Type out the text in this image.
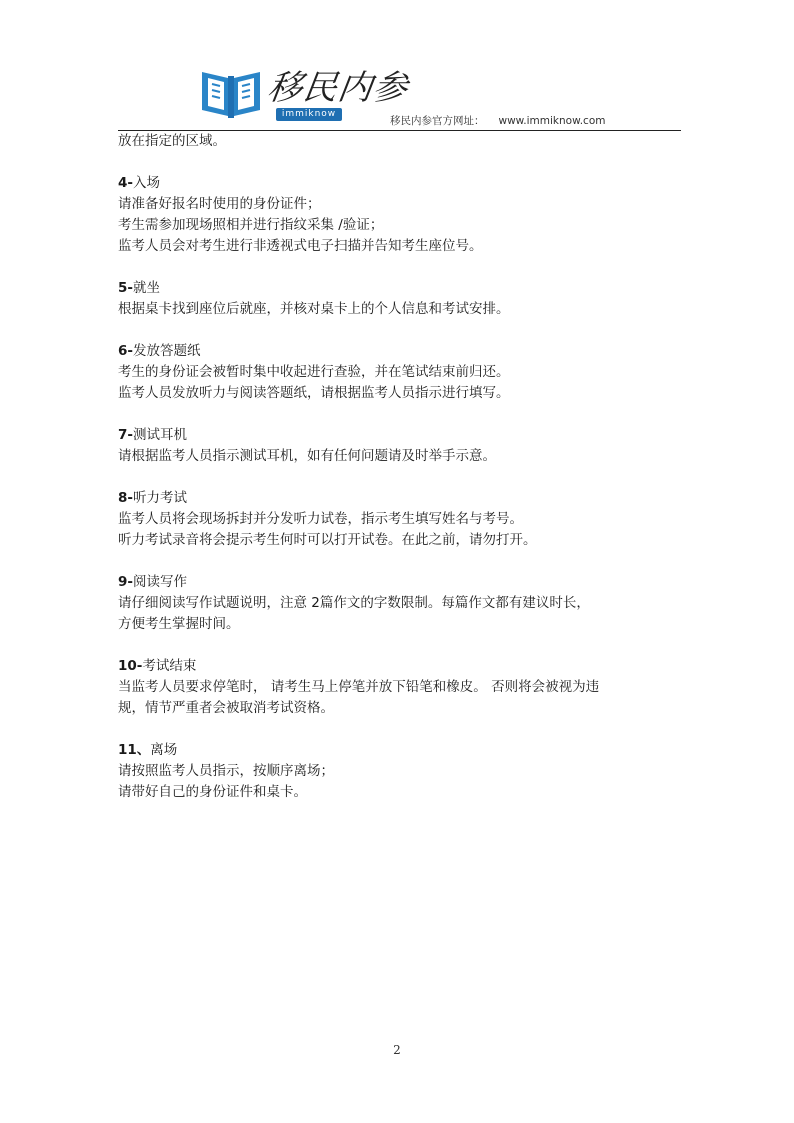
移民内参
immiknow
移民内参官方网址： www.immiknow.com
放在指定的区域。
4-入场
请准备好报名时使用的身份证件；
考生需参加现场照相并进行指纹采集 /验证；
监考人员会对考生进行非透视式电子扫描并告知考生座位号。
5-就坐
根据桌卡找到座位后就座，并核对桌卡上的个人信息和考试安排。
6-发放答题纸
考生的身份证会被暂时集中收起进行查验，并在笔试结束前归还。
监考人员发放听力与阅读答题纸，请根据监考人员指示进行填写。
7-测试耳机
请根据监考人员指示测试耳机，如有任何问题请及时举手示意。
8-听力考试
监考人员将会现场拆封并分发听力试卷，指示考生填写姓名与考号。
听力考试录音将会提示考生何时可以打开试卷。在此之前，请勿打开。
9-阅读写作
请仔细阅读写作试题说明，注意 2篇作文的字数限制。每篇作文都有建议时长，
方便考生掌握时间。
10-考试结束
当监考人员要求停笔时， 请考生马上停笔并放下铅笔和橡皮。 否则将会被视为违
规，情节严重者会被取消考试资格。
11、离场
请按照监考人员指示，按顺序离场；
请带好自己的身份证件和桌卡。
2
